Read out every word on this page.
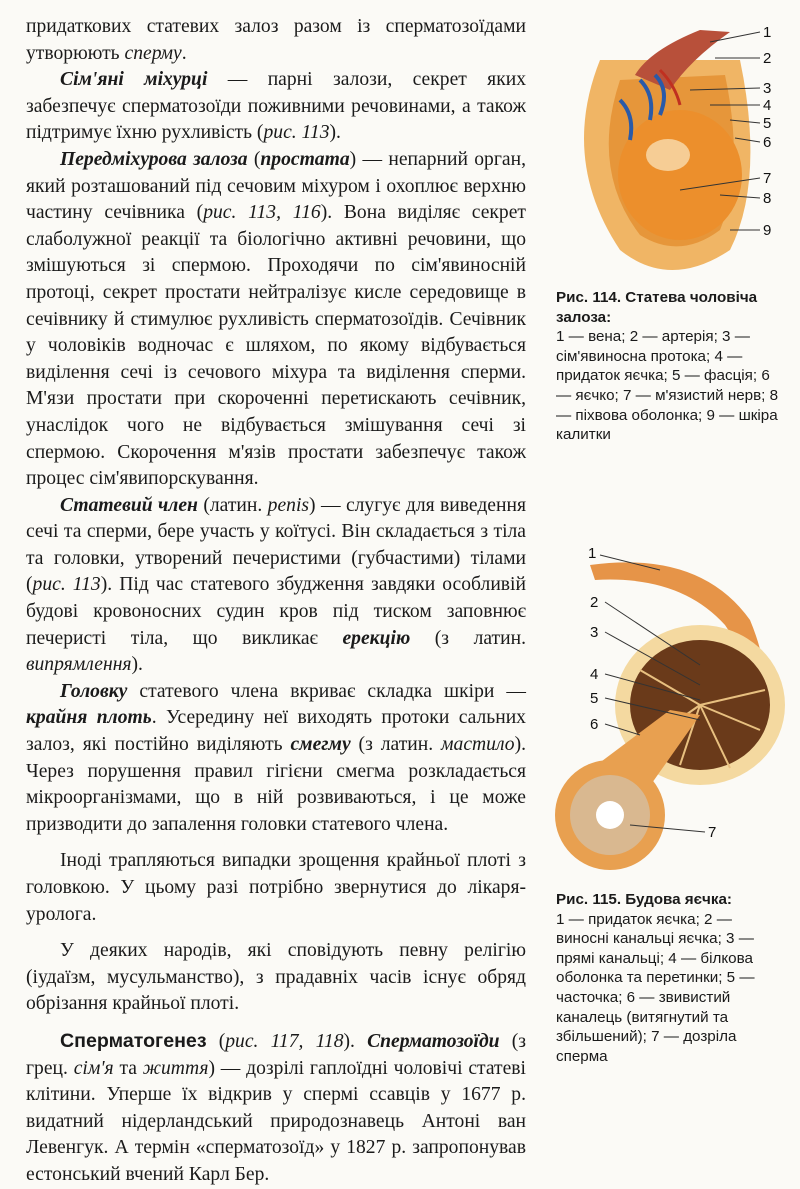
придаткових статевих залоз разом із сперматозоїдами утворюють сперму.

Сім'яні міхурці — парні залози, секрет яких забезпечує сперматозоїди поживними речовинами, а також підтримує їхню рухливість (рис. 113).

Передміхурова залоза (простата) — непарний орган, який розташований під сечовим міхуром і охоплює верхню частину сечівника (рис. 113, 116). Вона виділяє секрет слаболужної реакції та біологічно активні речовини, що змішуються зі спермою. Проходячи по сім'явиносній протоці, секрет простати нейтралізує кисле середовище в сечівнику й стимулює рухливість сперматозоїдів. Сечівник у чоловіків водночас є шляхом, по якому відбувається виділення сечі із сечового міхура та виділення сперми. М'язи простати при скороченні перетискають сечівник, унаслідок чого не відбувається змішування сечі зі спермою. Скорочення м'язів простати забезпечує також процес сім'явипорскування.

Статевий член (латин. penis) — слугує для виведення сечі та сперми, бере участь у коїтусі. Він складається з тіла та головки, утворений печеристими (губчастими) тілами (рис. 113). Під час статевого збудження завдяки особливій будові кровоносних судин кров під тиском заповнює печеристі тіла, що викликає ерекцію (з латин. випрямлення).

Головку статевого члена вкриває складка шкіри — крайня плоть. Усередину неї виходять протоки сальних залоз, які постійно виділяють смегму (з латин. мастило). Через порушення правил гігієни смегма розкладається мікроорганізмами, що в ній розвиваються, і це може призводити до запалення головки статевого члена.

Іноді трапляються випадки зрощення крайньої плоті з головкою. У цьому разі потрібно звернутися до лікаря-уролога.

У деяких народів, які сповідують певну релігію (іудаїзм, мусульманство), з прадавніх часів існує обряд обрізання крайньої плоті.

Сперматогенез (рис. 117, 118). Сперматозоїди (з грец. сім'я та життя) — дозрілі гаплоїдні чоловічі статеві клітини. Уперше їх відкрив у спермі ссавців у 1677 р. видатний нідерландський природознавець Антоні ван Левенгук. А термін «сперматозоїд» у 1827 р. запропонував естонський вчений Карл Бер.

1
2
3
4
5
6
7
8
9
Рис. 114. Статева чоловіча залоза:
1 — вена; 2 — артерія; 3 — сім'явиносна протока; 4 — придаток яєчка; 5 — фасція; 6 — яєчко; 7 — м'язистий нерв; 8 — піхвова оболонка; 9 — шкіра калитки
1
2
3
4
5
6
7
Рис. 115. Будова яєчка:
1 — придаток яєчка; 2 — виносні канальці яєчка; 3 — прямі канальці; 4 — білкова оболонка та перетинки; 5 — часточка; 6 — звивистий каналець (витягнутий та збільшений); 7 — дозріла сперма
